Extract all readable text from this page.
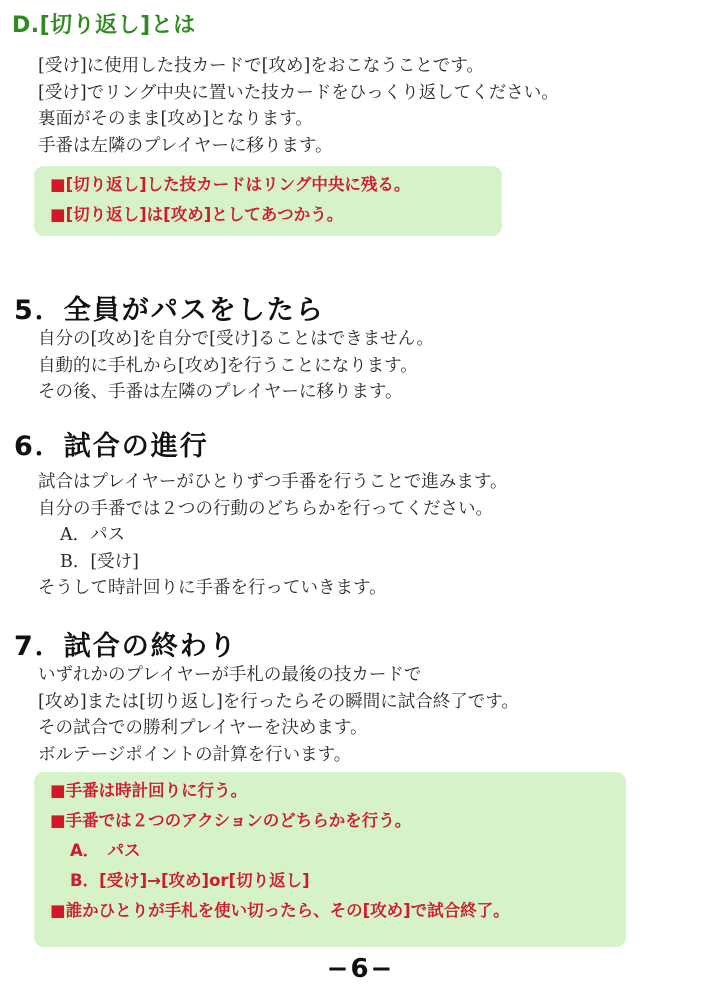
D.[切り返し]とは

[受け]に使用した技カードで[攻め]をおこなうことです。
[受け]でリング中央に置いた技カードをひっくり返してください。
裏面がそのまま[攻め]となります。
手番は左隣のプレイヤーに移ります。

■[切り返し]した技カードはリング中央に残る。
■[切り返し]は[攻め]としてあつかう。
5．全員がパスをしたら

自分の[攻め]を自分で[受け]ることはできません。
自動的に手札から[攻め]を行うことになります。
その後、手番は左隣のプレイヤーに移ります。

6．試合の進行

試合はプレイヤーがひとりずつ手番を行うことで進みます。
自分の手番では２つの行動のどちらかを行ってください。
A．パス
B．[受け]
そうして時計回りに手番を行っていきます。

7．試合の終わり

いずれかのプレイヤーが手札の最後の技カードで
[攻め]または[切り返し]を行ったらその瞬間に試合終了です。
その試合での勝利プレイヤーを決めます。
ボルテージポイントの計算を行います。

■手番は時計回りに行う。
■手番では２つのアクションのどちらかを行う。
A．　パス
B．[受け]→[攻め]or[切り返し]
■誰かひとりが手札を使い切ったら、その[攻め]で試合終了。
−6−
